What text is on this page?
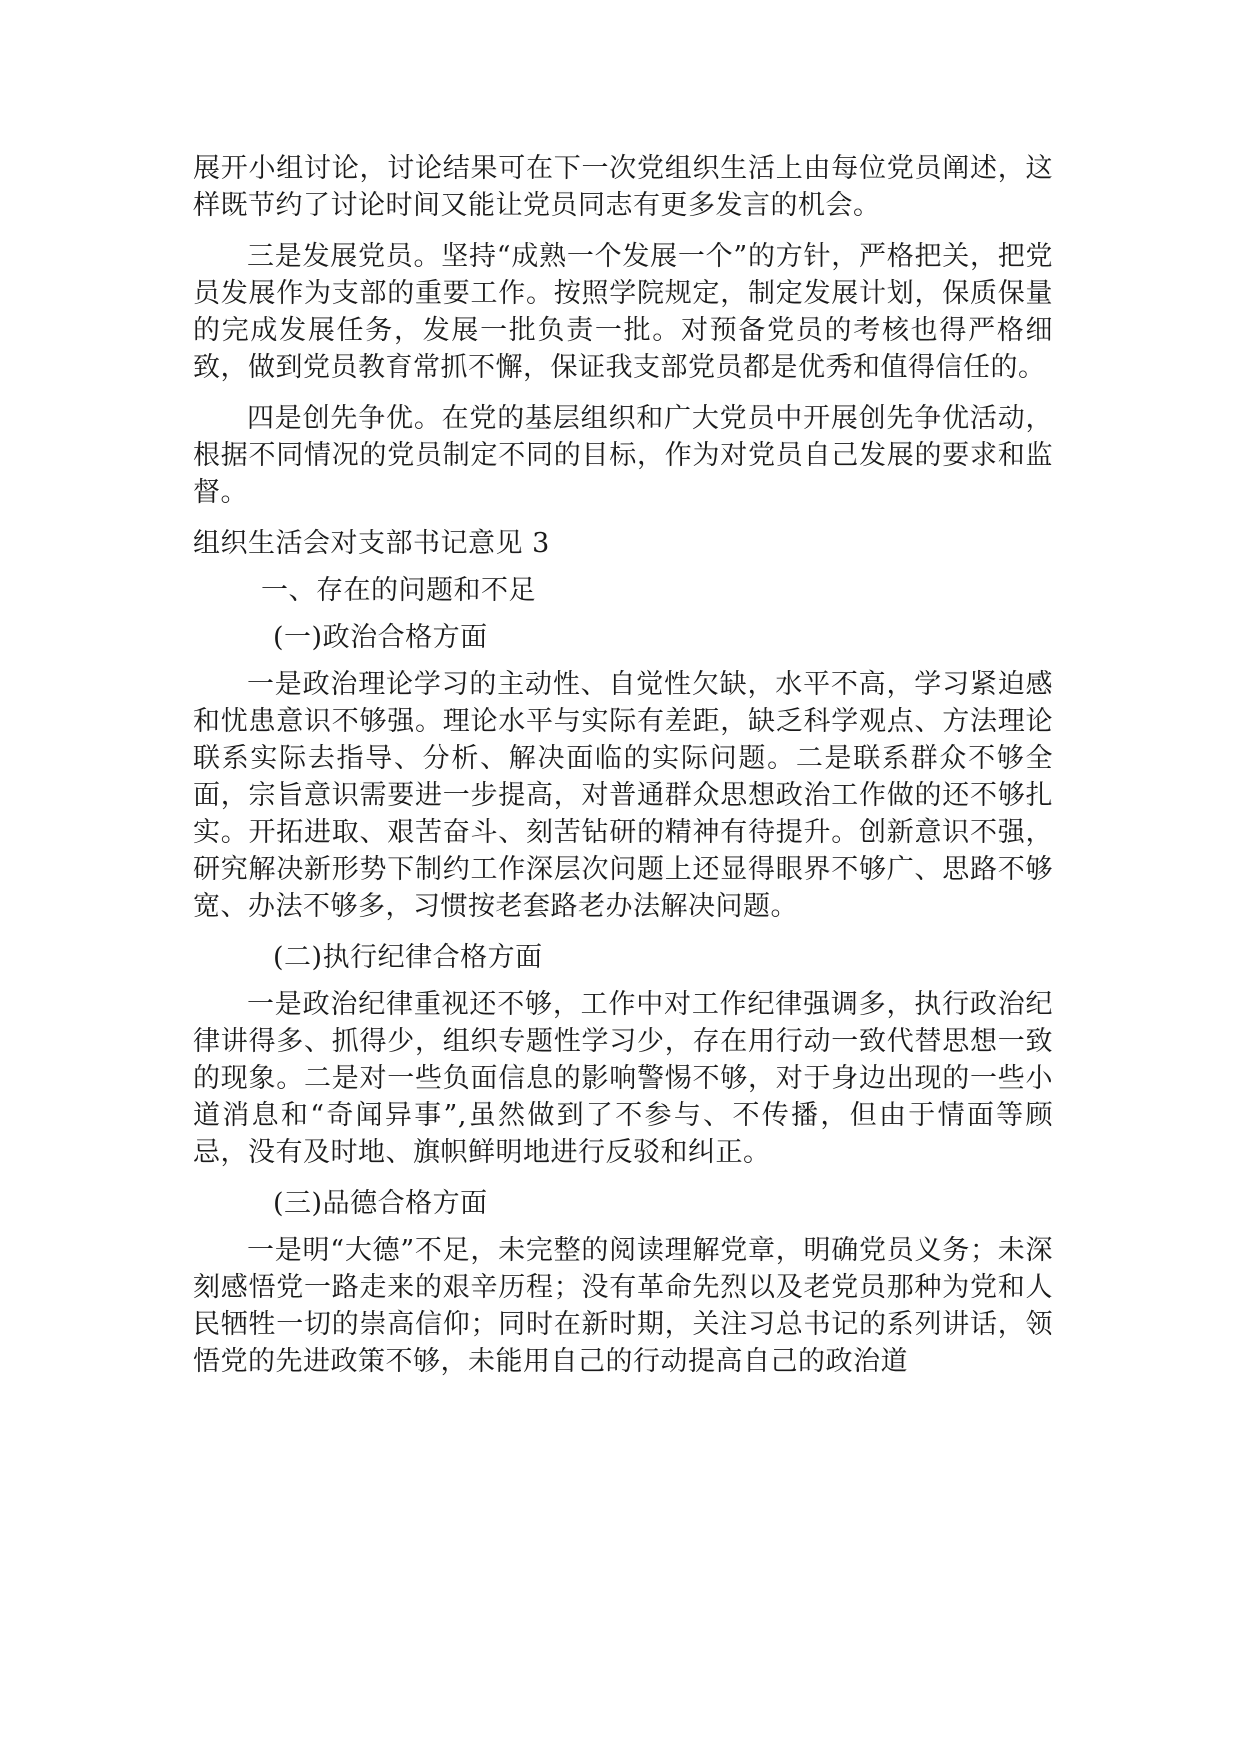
展开小组讨论，讨论结果可在下一次党组织生活上由每位党员阐述，这样既节约了讨论时间又能让党员同志有更多发言的机会。

三是发展党员。坚持“成熟一个发展一个”的方针，严格把关，把党员发展作为支部的重要工作。按照学院规定，制定发展计划，保质保量的完成发展任务，发展一批负责一批。对预备党员的考核也得严格细致，做到党员教育常抓不懈，保证我支部党员都是优秀和值得信任的。

四是创先争优。在党的基层组织和广大党员中开展创先争优活动，根据不同情况的党员制定不同的目标，作为对党员自己发展的要求和监督。

组织生活会对支部书记意见 3

一、存在的问题和不足

(一)政治合格方面

一是政治理论学习的主动性、自觉性欠缺，水平不高，学习紧迫感和忧患意识不够强。理论水平与实际有差距，缺乏科学观点、方法理论联系实际去指导、分析、解决面临的实际问题。二是联系群众不够全面，宗旨意识需要进一步提高，对普通群众思想政治工作做的还不够扎实。开拓进取、艰苦奋斗、刻苦钻研的精神有待提升。创新意识不强，研究解决新形势下制约工作深层次问题上还显得眼界不够广、思路不够宽、办法不够多，习惯按老套路老办法解决问题。

(二)执行纪律合格方面

一是政治纪律重视还不够，工作中对工作纪律强调多，执行政治纪律讲得多、抓得少，组织专题性学习少，存在用行动一致代替思想一致的现象。二是对一些负面信息的影响警惕不够，对于身边出现的一些小道消息和“奇闻异事”,虽然做到了不参与、不传播，但由于情面等顾忌，没有及时地、旗帜鲜明地进行反驳和纠正。

(三)品德合格方面

一是明“大德”不足，未完整的阅读理解党章，明确党员义务；未深刻感悟党一路走来的艰辛历程；没有革命先烈以及老党员那种为党和人民牺牲一切的崇高信仰；同时在新时期，关注习总书记的系列讲话，领悟党的先进政策不够，未能用自己的行动提高自己的政治道
